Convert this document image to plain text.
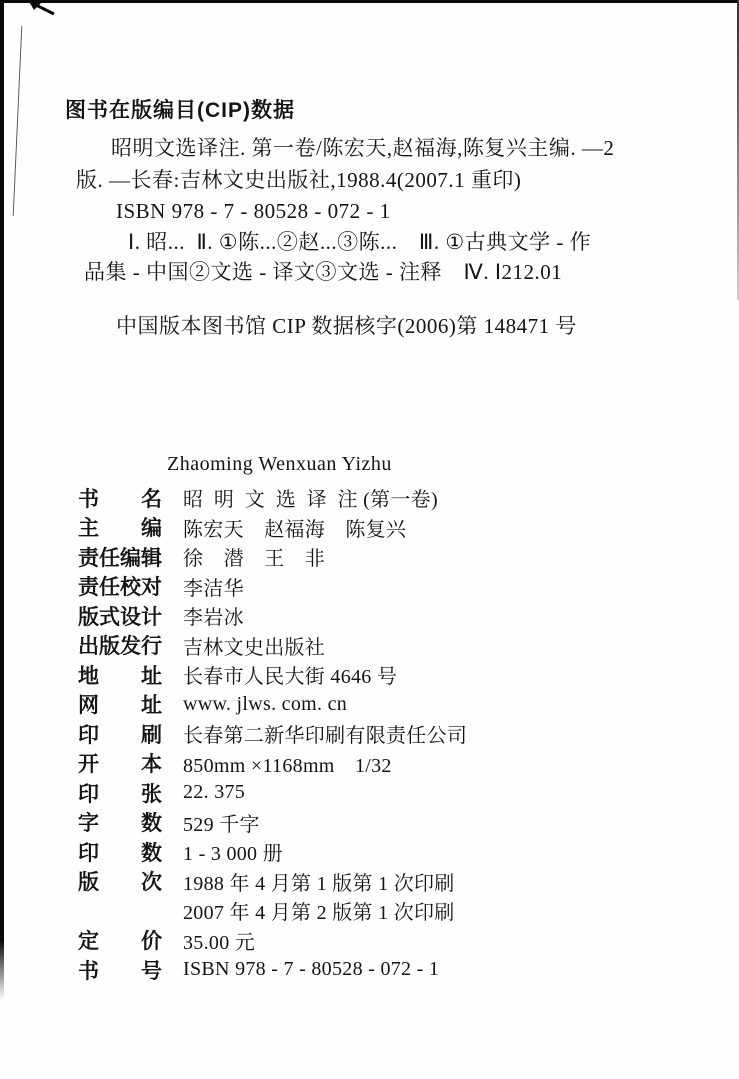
图书在版编目(CIP)数据
昭明文选译注. 第一卷/陈宏天,赵福海,陈复兴主编. —2
版. —长春:吉林文史出版社,1988.4(2007.1 重印)
ISBN 978 - 7 - 80528 - 072 - 1
Ⅰ. 昭...  Ⅱ. ①陈...②赵...③陈...　Ⅲ. ①古典文学 - 作
品集 - 中国②文选 - 译文③文选 - 注释　Ⅳ. Ⅰ212.01
中国版本图书馆 CIP 数据核字(2006)第 148471 号
Zhaoming Wenxuan Yizhu
书　　名	昭  明  文  选  译  注 (第一卷)
主　　编	陈宏天　赵福海　陈复兴
责任编辑	徐　潜　王　非
责任校对	李洁华
版式设计	李岩冰
出版发行	吉林文史出版社
地　　址	长春市人民大街 4646 号
网　　址	www. jlws. com. cn
印　　刷	长春第二新华印刷有限责任公司
开　　本	850mm ×1168mm　1/32
印　　张	22. 375
字　　数	529 千字
印　　数	1 - 3 000 册
版　　次	1988 年 4 月第 1 版第 1 次印刷
2007 年 4 月第 2 版第 1 次印刷
定　　价	35.00 元
书　　号	ISBN 978 - 7 - 80528 - 072 - 1
